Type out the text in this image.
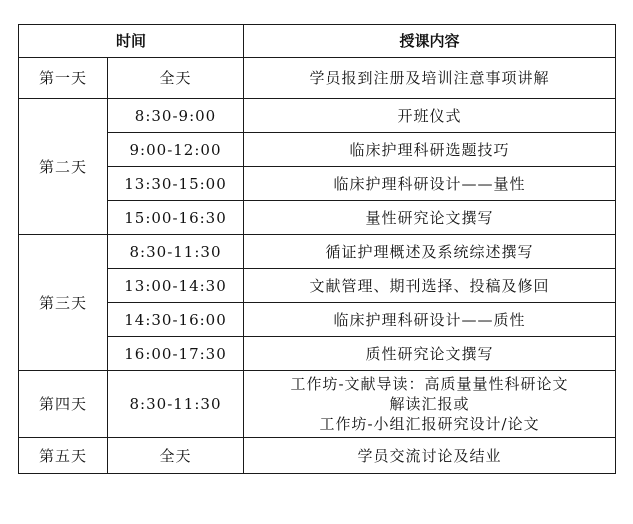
时间		授课内容
第一天	全天	学员报到注册及培训注意事项讲解
第二天	8:30-9:00	开班仪式
	9:00-12:00	临床护理科研选题技巧
	13:30-15:00	临床护理科研设计——量性
	15:00-16:30	量性研究论文撰写
第三天	8:30-11:30	循证护理概述及系统综述撰写
	13:00-14:30	文献管理、期刊选择、投稿及修回
	14:30-16:00	临床护理科研设计——质性
	16:00-17:30	质性研究论文撰写
第四天	8:30-11:30	工作坊-文献导读：高质量量性科研论文
解读汇报或
工作坊-小组汇报研究设计/论文

第五天	全天	学员交流讨论及结业
